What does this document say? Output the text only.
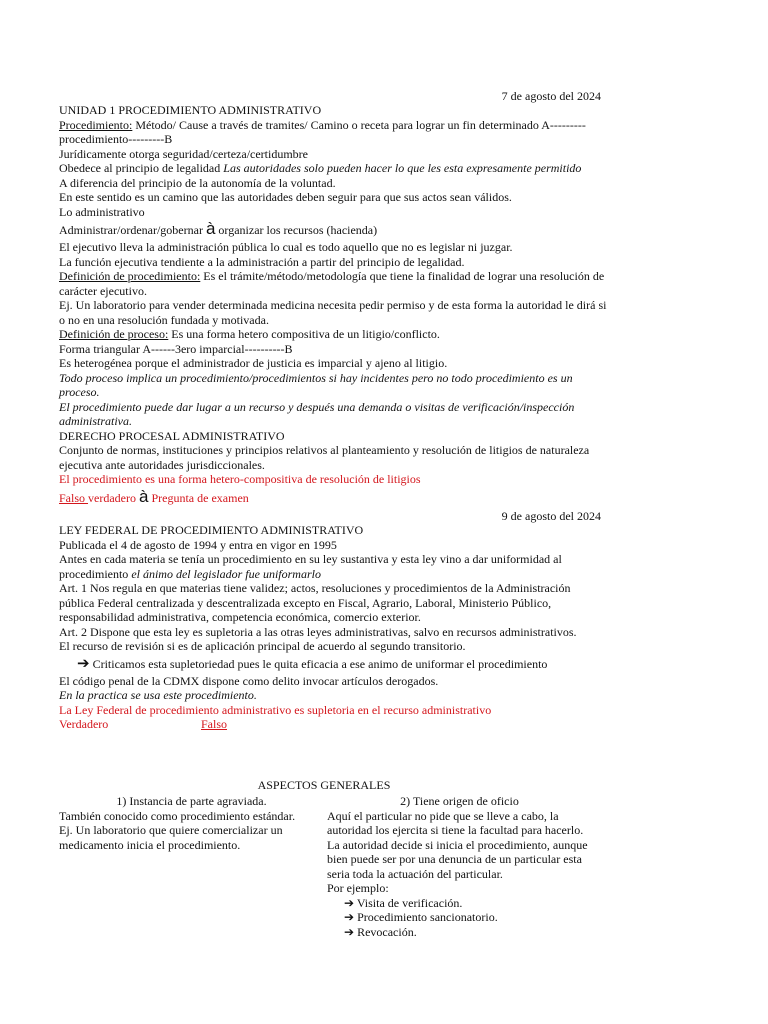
7 de agosto del 2024

UNIDAD 1 PROCEDIMIENTO ADMINISTRATIVO

Procedimiento: Método/ Cause a través de tramites/ Camino o receta para lograr un fin determinado A---------procedimiento---------B

Jurídicamente otorga seguridad/certeza/certidumbre

Obedece al principio de legalidad Las autoridades solo pueden hacer lo que les esta expresamente permitido

A diferencia del principio de la autonomía de la voluntad.

En este sentido es un camino que las autoridades deben seguir para que sus actos sean válidos.

Lo administrativo

Administrar/ordenar/gobernar à organizar los recursos (hacienda)

El ejecutivo lleva la administración pública lo cual es todo aquello que no es legislar ni juzgar.

La función ejecutiva tendiente a la administración a partir del principio de legalidad.

Definición de procedimiento: Es el trámite/método/metodología que tiene la finalidad de lograr una resolución de carácter ejecutivo.

Ej. Un laboratorio para vender determinada medicina necesita pedir permiso y de esta forma la autoridad le dirá si o no en una resolución fundada y motivada.

Definición de proceso: Es una forma hetero compositiva de un litigio/conflicto.

Forma triangular A------3ero imparcial----------B

Es heterogénea porque el administrador de justicia es imparcial y ajeno al litigio.

Todo proceso implica un procedimiento/procedimientos si hay incidentes pero no todo procedimiento es un proceso.

El procedimiento puede dar lugar a un recurso y después una demanda o visitas de verificación/inspección administrativa.

DERECHO PROCESAL ADMINISTRATIVO

Conjunto de normas, instituciones y principios relativos al planteamiento y resolución de litigios de naturaleza ejecutiva ante autoridades jurisdiccionales.

El procedimiento es una forma hetero-compositiva de resolución de litigios

Falso verdadero à Pregunta de examen

9 de agosto del 2024

LEY FEDERAL DE PROCEDIMIENTO ADMINISTRATIVO

Publicada el 4 de agosto de 1994 y entra en vigor en 1995

Antes en cada materia se tenía un procedimiento en su ley sustantiva y esta ley vino a dar uniformidad al procedimiento el ánimo del legislador fue uniformarlo

Art. 1 Nos regula en que materias tiene validez; actos, resoluciones y procedimientos de la Administración pública Federal centralizada y descentralizada excepto en Fiscal, Agrario, Laboral, Ministerio Público, responsabilidad administrativa, competencia económica, comercio exterior.

Art. 2 Dispone que esta ley es supletoria a las otras leyes administrativas, salvo en recursos administrativos.

El recurso de revisión si es de aplicación principal de acuerdo al segundo transitorio.

➔ Criticamos esta supletoriedad pues le quita eficacia a ese animo de uniformar el procedimiento

El código penal de la CDMX dispone como delito invocar artículos derogados.

En la practica se usa este procedimiento.

La Ley Federal de procedimiento administrativo es supletoria en el recurso administrativo

Verdadero	Falso

ASPECTOS GENERALES

1) Instancia de parte agraviada.

También conocido como procedimiento estándar.

Ej. Un laboratorio que quiere comercializar un medicamento inicia el procedimiento.

2) Tiene origen de oficio

Aquí el particular no pide que se lleve a cabo, la autoridad los ejercita si tiene la facultad para hacerlo. La autoridad decide si inicia el procedimiento, aunque bien puede ser por una denuncia de un particular esta seria toda la actuación del particular.

Por ejemplo:

➔ Visita de verificación.

➔ Procedimiento sancionatorio.

➔ Revocación.
